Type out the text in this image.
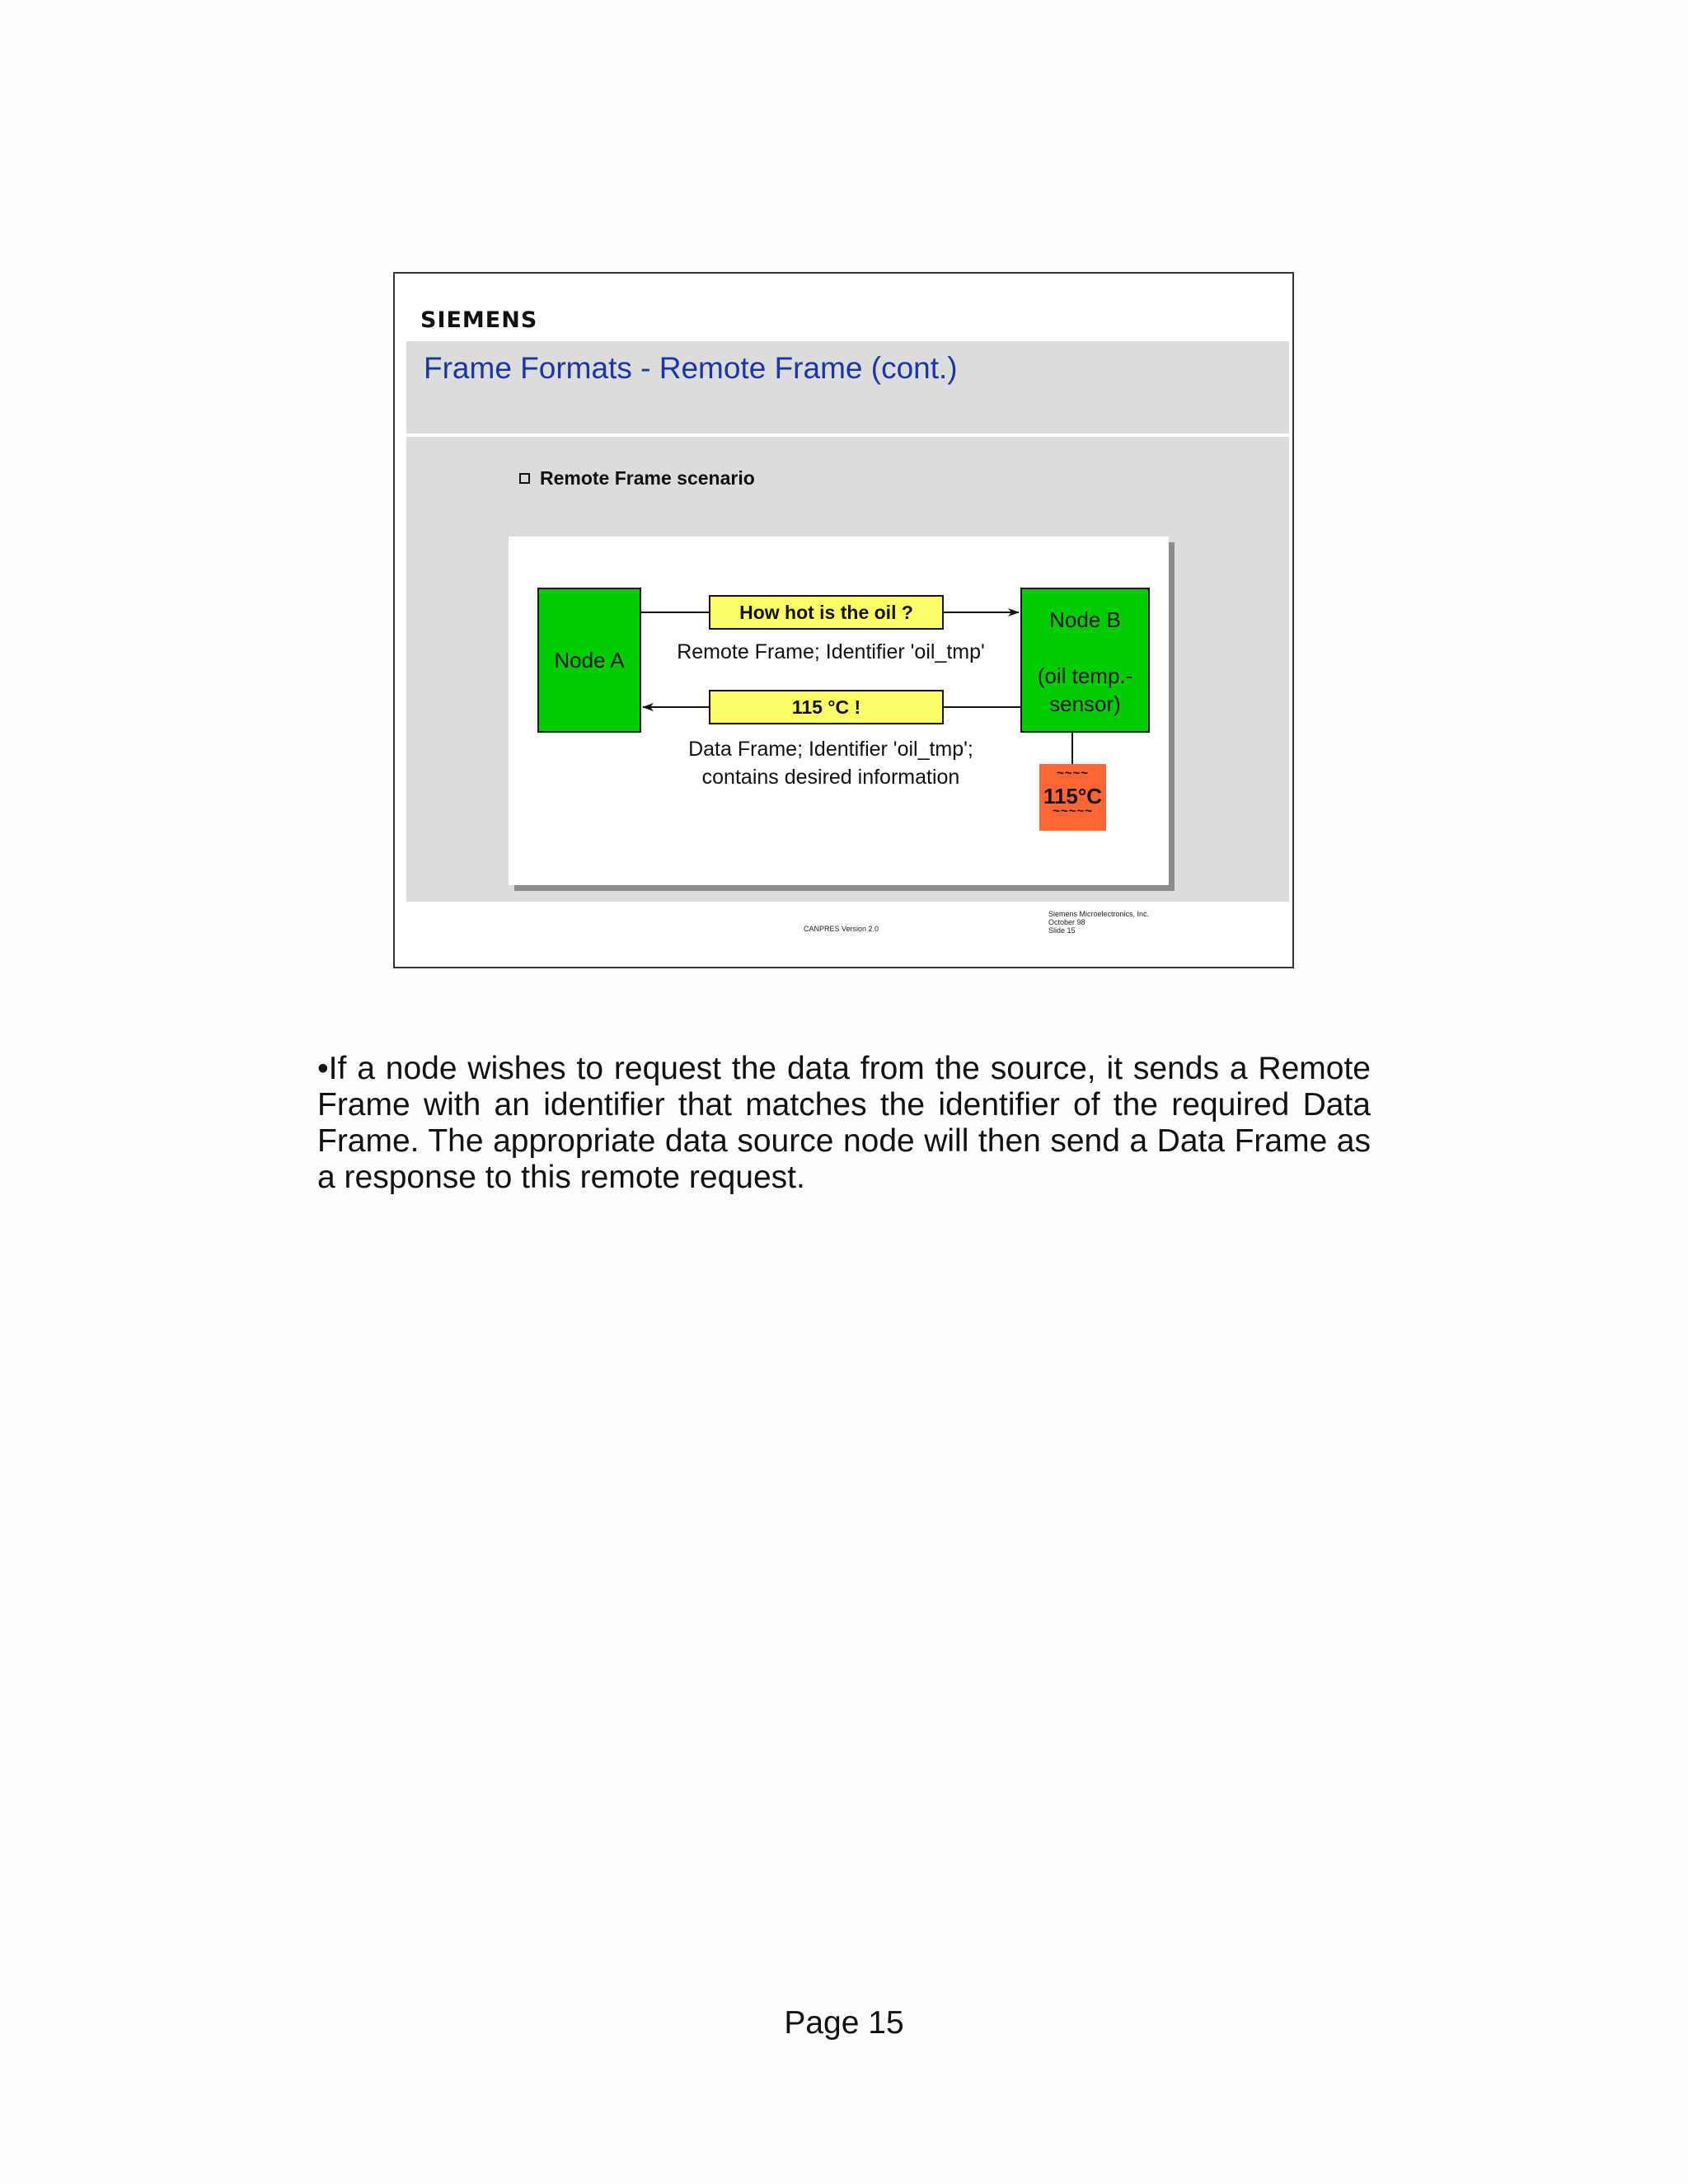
SIEMENS
Frame Formats - Remote Frame (cont.)
Remote Frame scenario
Node A
Node B
(oil temp.-
sensor)
How hot is the oil ?
Remote Frame; Identifier 'oil_tmp'
115 °C !
Data Frame; Identifier 'oil_tmp';
contains desired information	~~~~
115°C
~~~~~
CANPRES Version 2.0
Siemens Microelectronics, Inc.
October 98
Slide 15
•If a node wishes to request the data from the source, it sends a Remote Frame with an identifier that matches the identifier of the required Data Frame. The appropriate data source node will then send a Data Frame as a response to this remote request.
Page 15
